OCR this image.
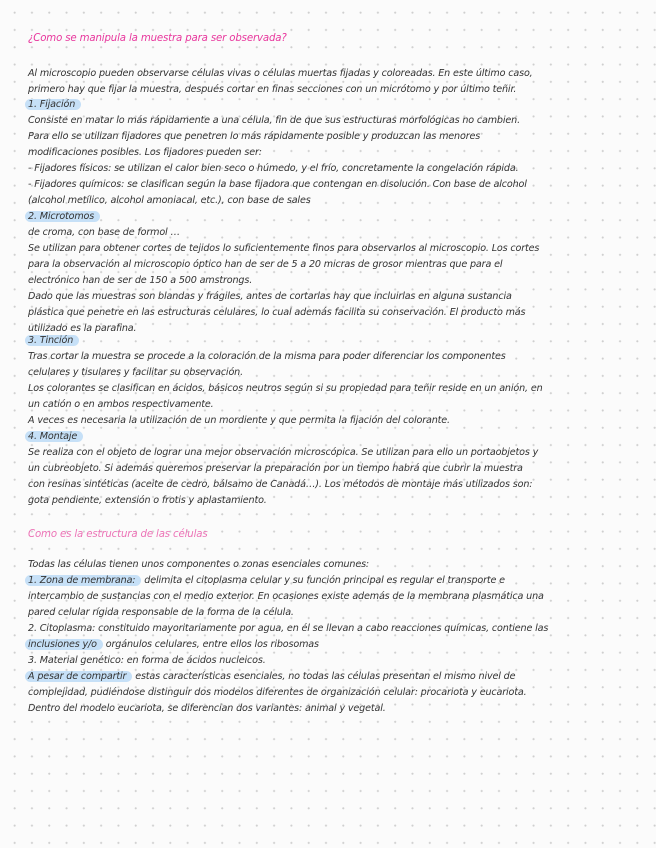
¿Como se manipula la muestra para ser observada?
Al microscopio pueden observarse células vivas o células muertas fijadas y coloreadas. En este último caso,
primero hay que fijar la muestra, después cortar en finas secciones con un micrótomo y por último teñir.
1. Fijación
Consiste en matar lo más rápidamente a una célula, fin de que sus estructuras morfológicas no cambien.
Para ello se utilizan fijadores que penetren lo más rápidamente posible y produzcan las menores
modificaciones posibles. Los fijadores pueden ser:
- Fijadores físicos: se utilizan el calor bien seco o húmedo, y el frío, concretamente la congelación rápida.
- Fijadores químicos: se clasifican según la base fijadora que contengan en disolución. Con base de alcohol
(alcohol metílico, alcohol amoniacal, etc.), con base de sales
2. Microtomos
de croma, con base de formol …
Se utilizan para obtener cortes de tejidos lo suficientemente finos para observarlos al microscopio. Los cortes
para la observación al microscopio óptico han de ser de 5 a 20 micras de grosor mientras que para el
electrónico han de ser de 150 a 500 amstrongs.
Dado que las muestras son blandas y frágiles, antes de cortarlas hay que incluirlas en alguna sustancia
plástica que penetre en las estructuras celulares, lo cual además facilita su conservación. El producto más
utilizado es la parafina.
3. Tinción
Tras cortar la muestra se procede a la coloración de la misma para poder diferenciar los componentes
celulares y tisulares y facilitar su observación.
Los colorantes se clasifican en ácidos, básicos neutros según si su propiedad para teñir reside en un anión, en
un catión o en ambos respectivamente.
A veces es necesaria la utilización de un mordiente y que permita la fijación del colorante.
4. Montaje
Se realiza con el objeto de lograr una mejor observación microscópica. Se utilizan para ello un portaobjetos y
un cubreobjeto. Si además queremos preservar la preparación por un tiempo habrá que cubrir la muestra
con resinas sintéticas (aceite de cedro, bálsamo de Canadá…). Los métodos de montaje más utilizados son:
gota pendiente, extensión o frotis y aplastamiento.
Como es la estructura de las células
Todas las células tienen unos componentes o zonas esenciales comunes:
1. Zona de membrana: delimita el citoplasma celular y su función principal es regular el transporte e
intercambio de sustancias con el medio exterior. En ocasiones existe además de la membrana plasmática una
pared celular rígida responsable de la forma de la célula.
2. Citoplasma: constituido mayoritariamente por agua, en él se llevan a cabo reacciones químicas, contiene las
inclusiones y/o orgánulos celulares, entre ellos los ribosomas
3. Material genético: en forma de ácidos nucleicos.
A pesar de compartir estas características esenciales, no todas las células presentan el mismo nivel de
complejidad, pudiéndose distinguir dos modelos diferentes de organización celular: procariota y eucariota.
Dentro del modelo eucariota, se diferencian dos variantes: animal y vegetal.
